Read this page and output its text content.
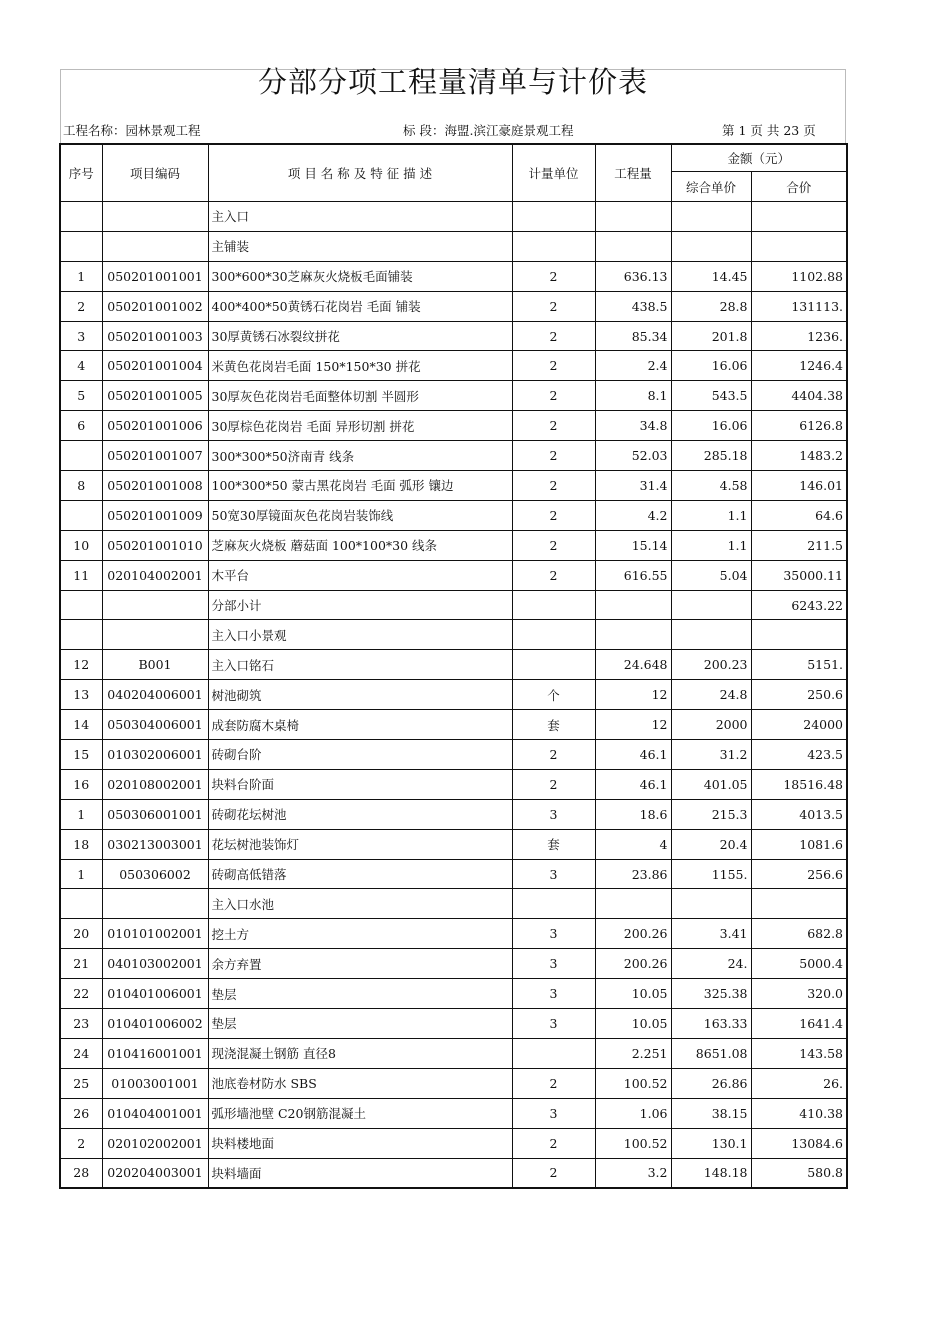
分部分项工程量清单与计价表
工程名称：园林景观工程	标 段：海盟.滨江豪庭景观工程	第 1 页 共 23 页
序号	项目编码	项 目 名 称 及 特 征 描 述	计量单位	工程量	金额（元）	
					综合单价	合价
		主入口				
		主铺装				
1	050201001001	300*600*30芝麻灰火烧板毛面铺装	2	636.13	14.45	1102.88
2	050201001002	400*400*50黄锈石花岗岩 毛面 铺装	2	438.5	28.8	131113.
3	050201001003	30厚黄锈石冰裂纹拼花	2	85.34	201.8	1236.
4	050201001004	米黄色花岗岩毛面 150*150*30 拼花	2	2.4	16.06	1246.4
5	050201001005	30厚灰色花岗岩毛面整体切割 半圆形	2	8.1	543.5	4404.38
6	050201001006	30厚棕色花岗岩 毛面 异形切割 拼花	2	34.8	16.06	6126.8
	050201001007	300*300*50济南青 线条	2	52.03	285.18	1483.2
8	050201001008	100*300*50 蒙古黑花岗岩 毛面 弧形 镶边	2	31.4	4.58	146.01
	050201001009	50宽30厚镜面灰色花岗岩装饰线	2	4.2	1.1	64.6
10	050201001010	芝麻灰火烧板 蘑菇面 100*100*30 线条	2	15.14	1.1	211.5
11	020104002001	木平台	2	616.55	5.04	35000.11
		分部小计				6243.22
		主入口小景观				
12	B001	主入口铭石		24.648	200.23	5151.
13	040204006001	树池砌筑	个	12	24.8	250.6
14	050304006001	成套防腐木桌椅	套	12	2000	24000
15	010302006001	砖砌台阶	2	46.1	31.2	423.5
16	020108002001	块料台阶面	2	46.1	401.05	18516.48
1	050306001001	砖砌花坛树池	3	18.6	215.3	4013.5
18	030213003001	花坛树池装饰灯	套	4	20.4	1081.6
1	050306002	砖砌高低错落	3	23.86	1155.	256.6
		主入口水池				
20	010101002001	挖土方	3	200.26	3.41	682.8
21	040103002001	余方弃置	3	200.26	24.	5000.4
22	010401006001	垫层	3	10.05	325.38	320.0
23	010401006002	垫层	3	10.05	163.33	1641.4
24	010416001001	现浇混凝土钢筋 直径8		2.251	8651.08	143.58
25	01003001001	池底卷材防水 SBS	2	100.52	26.86	26.
26	010404001001	弧形墙池壁 C20钢筋混凝土	3	1.06	38.15	410.38
2	020102002001	块料楼地面	2	100.52	130.1	13084.6
28	020204003001	块料墙面	2	3.2	148.18	580.8
